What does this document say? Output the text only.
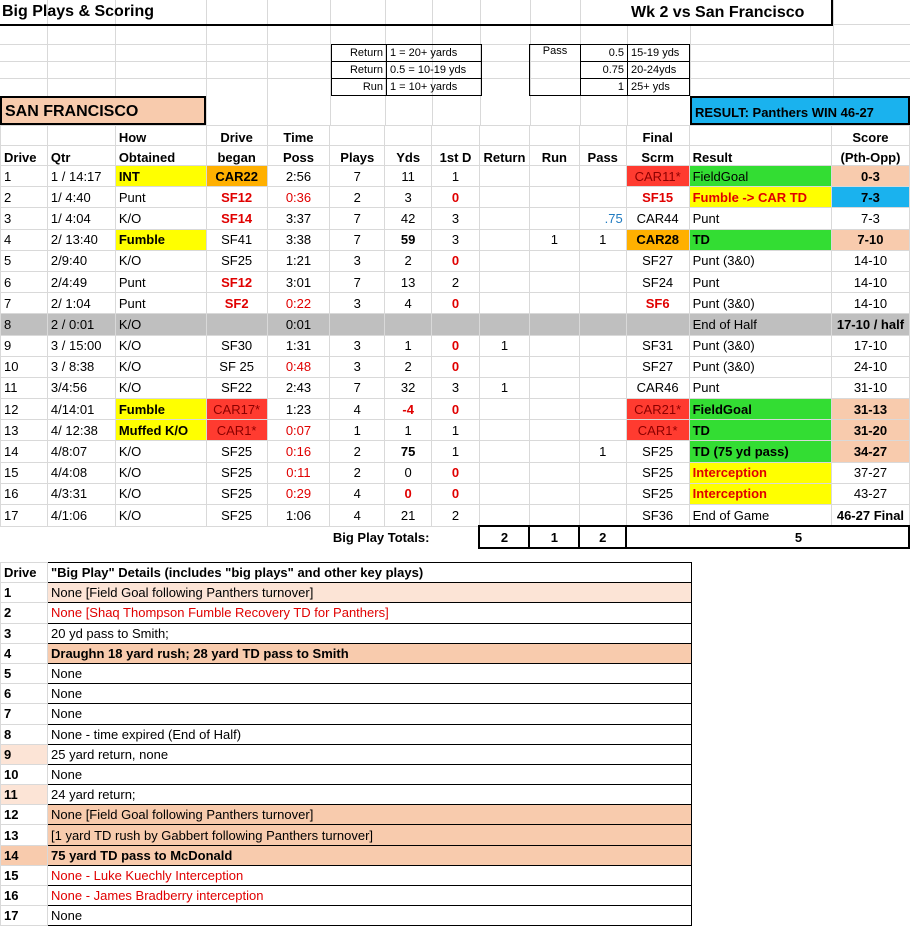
Big Plays & Scoring	Wk 2 vs San Francisco
Return	1 = 20+ yards
Return	0.5 = 10-19 yds
Run	1 = 10+ yards
Pass	0.5	15-19 yds
	0.75	20-24yds
	1	25+ yds
SAN FRANCISCO	RESULT: Panthers WIN 46-27
		How	Drive	Time							Final		Score
Drive	Qtr	Obtained	began	Poss	Plays	Yds	1st D	Return	Run	Pass	Scrm	Result	(Pth-Opp)
1	1 / 14:17	INT	CAR22	2:56	7	11	1				CAR11*	FieldGoal	0-3
2	1/ 4:40	Punt	SF12	0:36	2	3	0				SF15	Fumble -> CAR TD	7-3
3	1/ 4:04	K/O	SF14	3:37	7	42	3			.75	CAR44	Punt	7-3
4	2/ 13:40	Fumble	SF41	3:38	7	59	3		1	1	CAR28	TD	7-10
5	2/9:40	K/O	SF25	1:21	3	2	0				SF27	Punt (3&0)	14-10
6	2/4:49	Punt	SF12	3:01	7	13	2				SF24	Punt	14-10
7	2/ 1:04	Punt	SF2	0:22	3	4	0				SF6	Punt (3&0)	14-10
8	2 / 0:01	K/O		0:01								End of Half	17-10 / half
9	3 / 15:00	K/O	SF30	1:31	3	1	0	1			SF31	Punt (3&0)	17-10
10	3 / 8:38	K/O	SF 25	0:48	3	2	0				SF27	Punt (3&0)	24-10
11	3/4:56	K/O	SF22	2:43	7	32	3	1			CAR46	Punt	31-10
12	4/14:01	Fumble	CAR17*	1:23	4	-4	0				CAR21*	FieldGoal	31-13
13	4/ 12:38	Muffed K/O	CAR1*	0:07	1	1	1				CAR1*	TD	31-20
14	4/8:07	K/O	SF25	0:16	2	75	1			1	SF25	TD (75 yd pass)	34-27
15	4/4:08	K/O	SF25	0:11	2	0	0				SF25	Interception	37-27
16	4/3:31	K/O	SF25	0:29	4	0	0				SF25	Interception	43-27
17	4/1:06	K/O	SF25	1:06	4	21	2				SF36	End of Game	46-27 Final
					Big Play Totals:			2	1	2		5	
Drive	"Big Play" Details (includes "big plays" and other key plays)
1	None [Field Goal following Panthers turnover]
2	None [Shaq Thompson Fumble Recovery TD for Panthers]
3	20 yd pass to Smith;
4	Draughn 18 yard rush; 28 yard TD pass to Smith
5	None
6	None
7	None
8	None - time expired (End of Half)
9	25 yard return, none
10	None
11	24 yard return;
12	None [Field Goal following Panthers turnover]
13	[1 yard TD rush by Gabbert following Panthers turnover]
14	75 yard TD pass to McDonald
15	None - Luke Kuechly Interception
16	None - James Bradberry interception
17	None
